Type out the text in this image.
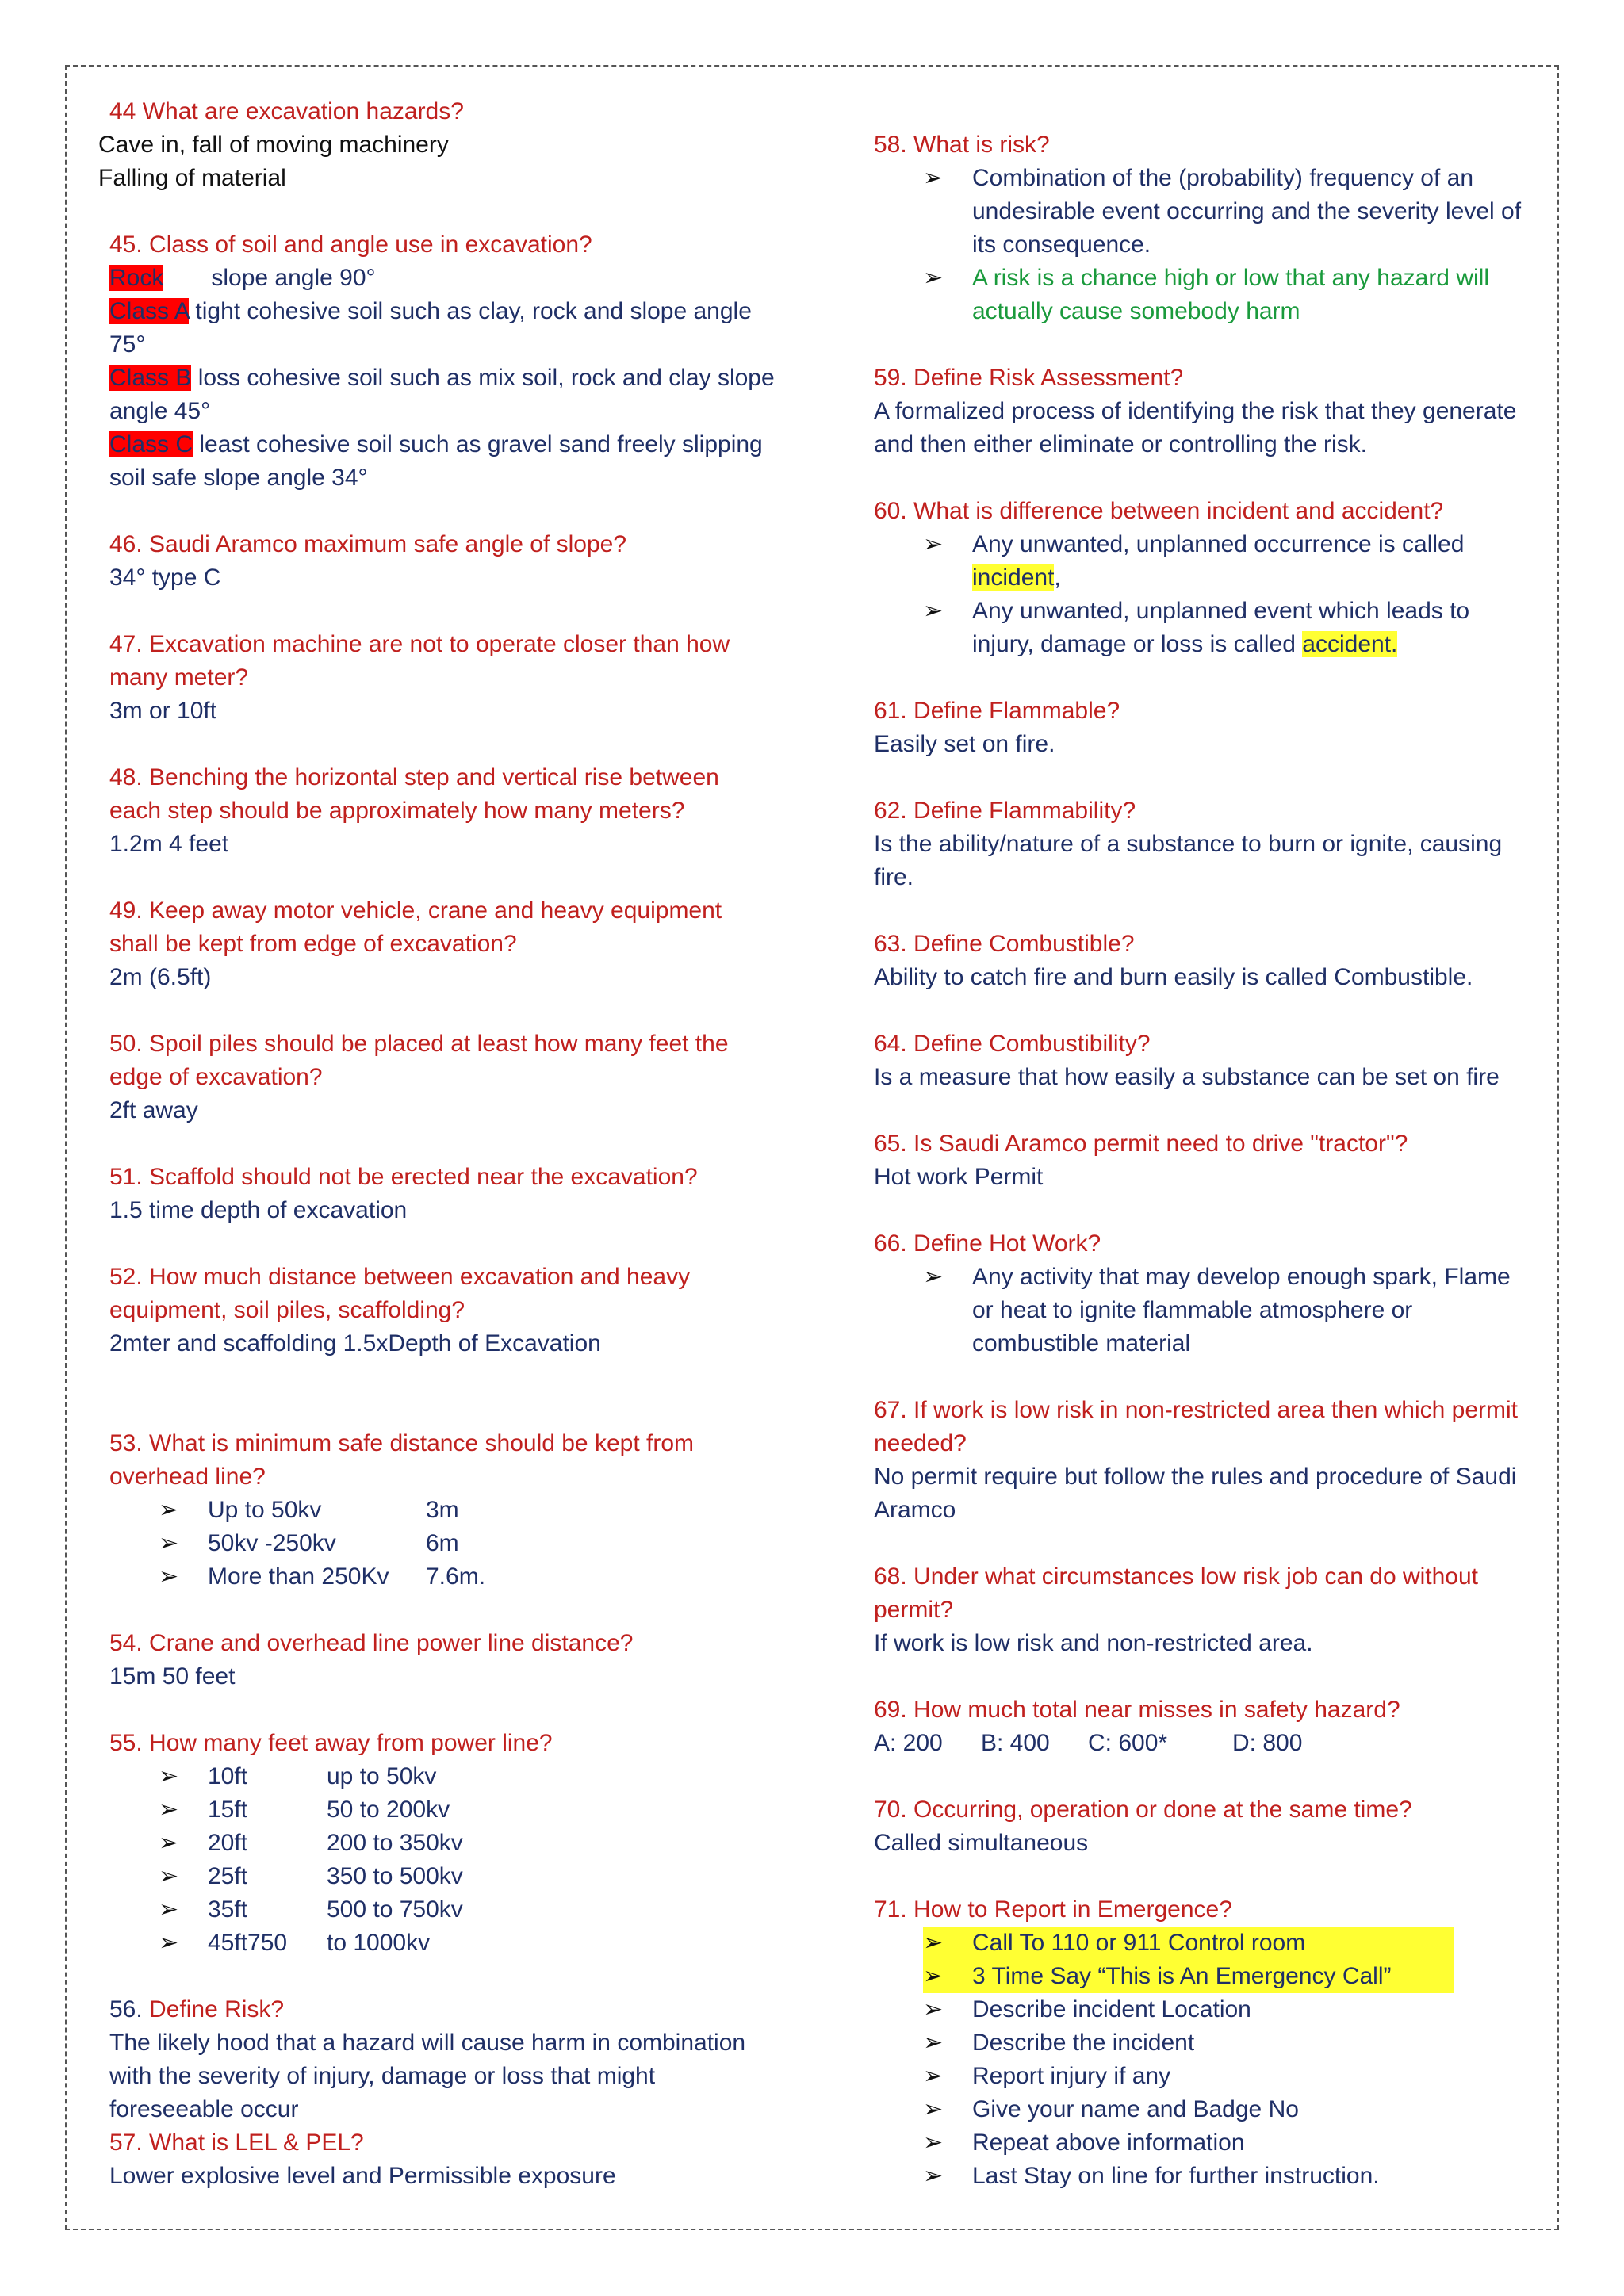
44 What are excavation hazards?
Cave in, fall of moving machinery
Falling of material
45. Class of soil and angle use in excavation?
Rock slope angle 90°
Class A tight cohesive soil such as clay, rock and slope angle 75°
Class B loss cohesive soil such as mix soil, rock and clay slope angle 45°
Class C least cohesive soil such as gravel sand freely slipping soil safe slope angle 34°
46. Saudi Aramco maximum safe angle of slope?
34° type C
47. Excavation machine are not to operate closer than how many meter?
3m or 10ft
48. Benching the horizontal step and vertical rise between each step should be approximately how many meters?
1.2m 4 feet
49. Keep away motor vehicle, crane and heavy equipment shall be kept from edge of excavation?
2m (6.5ft)
50. Spoil piles should be placed at least how many feet the edge of excavation?
2ft away
51. Scaffold should not be erected near the excavation?
1.5 time depth of excavation
52. How much distance between excavation and heavy equipment, soil piles, scaffolding?
2mter and scaffolding 1.5xDepth of Excavation
53. What is minimum safe distance should be kept from overhead line?
➢ Up to 50kv	3m
➢ 50kv -250kv	6m
➢ More than 250Kv 7.6m.
54. Crane and overhead line power line distance?
15m 50 feet
55. How many feet away from power line?
➢ 10ft	up to 50kv
➢ 15ft	50 to 200kv
➢ 20ft	200 to 350kv
➢ 25ft	350 to 500kv
➢ 35ft	500 to 750kv
➢ 45ft750 to 1000kv
56. Define Risk?
The likely hood that a hazard will cause harm in combination with the severity of injury, damage or loss that might foreseeable occur
57. What is LEL & PEL?
Lower explosive level and Permissible exposure
58. What is risk?
➢ Combination of the (probability) frequency of an undesirable event occurring and the severity level of its consequence.
➢ A risk is a chance high or low that any hazard will actually cause somebody harm
59. Define Risk Assessment?
A formalized process of identifying the risk that they generate and then either eliminate or controlling the risk.
60. What is difference between incident and accident?
➢ Any unwanted, unplanned occurrence is called incident,
➢ Any unwanted, unplanned event which leads to injury, damage or loss is called accident.
61. Define Flammable?
Easily set on fire.
62. Define Flammability?
Is the ability/nature of a substance to burn or ignite, causing fire.
63. Define Combustible?
Ability to catch fire and burn easily is called Combustible.
64. Define Combustibility?
Is a measure that how easily a substance can be set on fire
65. Is Saudi Aramco permit need to drive "tractor"?
Hot work Permit
66. Define Hot Work?
➢ Any activity that may develop enough spark, Flame or heat to ignite flammable atmosphere or combustible material
67. If work is low risk in non-restricted area then which permit needed?
No permit require but follow the rules and procedure of Saudi Aramco
68. Under what circumstances low risk job can do without permit?
If work is low risk and non-restricted area.
69. How much total near misses in safety hazard?
A: 200 B: 400 C: 600*	D: 800
70. Occurring, operation or done at the same time?
Called simultaneous
71. How to Report in Emergence?
➢ Call To 110 or 911 Control room
➢ 3 Time Say “This is An Emergency Call”
➢ Describe incident Location
➢ Describe the incident
➢ Report injury if any
➢ Give your name and Badge No
➢ Repeat above information
➢ Last Stay on line for further instruction.
